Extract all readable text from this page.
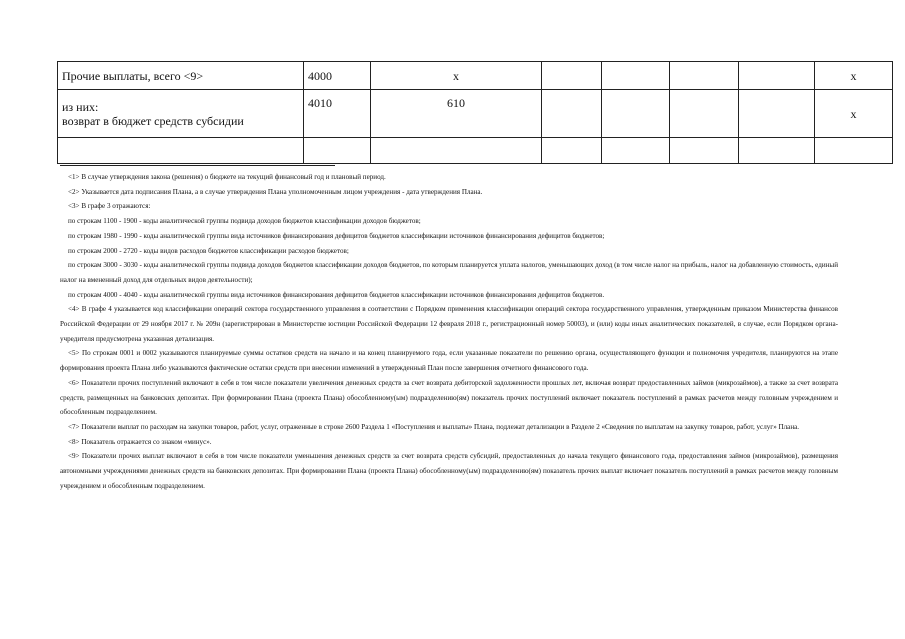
Прочие выплаты, всего <9>	4000	x					x

из них:
возврат в бюджет средств субсидии	4010	610					x

<1> В случае утверждения закона (решения) о бюджете на текущий финансовый год и плановый период.

<2> Указывается дата подписания Плана, а в случае утверждения Плана уполномоченным лицом учреждения - дата утверждения Плана.

<3> В графе 3 отражаются:

по строкам 1100 - 1900 - коды аналитической группы подвида доходов бюджетов классификации доходов бюджетов;

по строкам 1980 - 1990 - коды аналитической группы вида источников финансирования дефицитов бюджетов классификации источников финансирования дефицитов бюджетов;

по строкам 2000 - 2720 - коды видов расходов бюджетов классификации расходов бюджетов;

по строкам 3000 - 3030 - коды аналитической группы подвида доходов бюджетов классификации доходов бюджетов, по которым планируется уплата налогов, уменьшающих доход (в том числе налог на прибыль, налог на добавленную стоимость, единый налог на вмененный доход для отдельных видов деятельности);

по строкам 4000 - 4040 - коды аналитической группы вида источников финансирования дефицитов бюджетов классификации источников финансирования дефицитов бюджетов.

<4> В графе 4 указывается код классификации операций сектора государственного управления в соответствии с Порядком применения классификации операций сектора государственного управления, утвержденным приказом Министерства финансов Российской Федерации от 29 ноября 2017 г. № 209н (зарегистрирован в Министерстве юстиции Российской Федерации 12 февраля 2018 г., регистрационный номер 50003), и (или) коды иных аналитических показателей, в случае, если Порядком органа-учредителя предусмотрена указанная детализация.

<5> По строкам 0001 и 0002 указываются планируемые суммы остатков средств на начало и на конец планируемого года, если указанные показатели по решению органа, осуществляющего функции и полномочия учредителя, планируются на этапе формирования проекта Плана либо указываются фактические остатки средств при внесении изменений в утвержденный План после завершения отчетного финансового года.

<6> Показатели прочих поступлений включают в себя в том числе показатели увеличения денежных средств за счет возврата дебиторской задолженности прошлых лет, включая возврат предоставленных займов (микрозаймов), а также за счет возврата средств, размещенных на банковских депозитах. При формировании Плана (проекта Плана) обособленному(ым) подразделению(ям) показатель прочих поступлений включает показатель поступлений в рамках расчетов между головным учреждением и обособленным подразделением.

<7> Показатели выплат по расходам на закупки товаров, работ, услуг, отраженные в строке 2600 Раздела 1 «Поступления и выплаты» Плана, подлежат детализации в Разделе 2 «Сведения по выплатам на закупку товаров, работ, услуг» Плана.

<8> Показатель отражается со знаком «минус».

<9> Показатели прочих выплат включают в себя в том числе показатели уменьшения денежных средств за счет возврата средств субсидий, предоставленных до начала текущего финансового года, предоставления займов (микрозаймов), размещения автономными учреждениями денежных средств на банковских депозитах. При формировании Плана (проекта Плана) обособленному(ым) подразделению(ям) показатель прочих выплат включает показатель поступлений в рамках расчетов между головным учреждением и обособленным подразделением.
